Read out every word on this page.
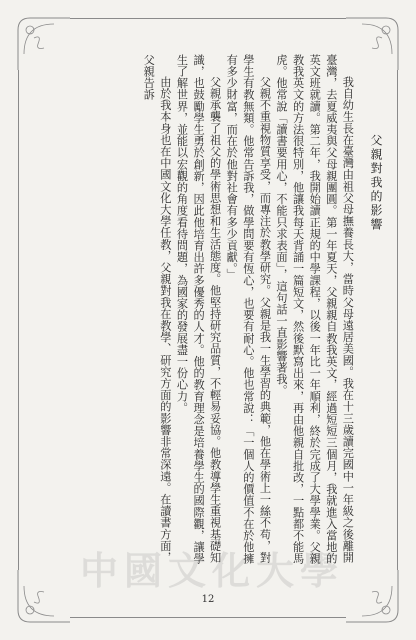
中國文化大學
父親對我的影響
我自幼生長在臺灣由祖父母撫養長大，當時父母遠居美國。我在十三歲讀完國中一年級之後離開臺灣，去夏威夷與父母親團圓。第一年夏天，父親親自教我英文，經過短短三個月，我就進入當地的英文班就讀。第二年，我開始讀正規的中學課程，以後一年比一年順利，終於完成了大學學業。父親教我英文的方法很特別，他讓我每天背誦一篇短文，然後默寫出來，再由他親自批改，一點都不能馬虎。他常說「讀書要用心，不能只求表面」，這句話一直影響著我。
父親不重視物質享受，而專注於教學研究。父親是我一生學習的典範，他在學術上一絲不苟，對學生有教無類。他常告訴我，做學問要有恆心，也要有耐心。他也常說：「一個人的價值不在於他擁有多少財富，而在於他對社會有多少貢獻。」
父親承襲了祖父的學術思想和生活態度。他堅持研究品質，不輕易妥協。他教導學生重視基礎知識，也鼓勵學生勇於創新，因此他培育出許多優秀的人才。他的教育理念是培養學生的國際觀，讓學生了解世界，並能以宏觀的角度看待問題，為國家的發展盡一份心力。
由於我本身也在中國文化大學任教，父親對我在教學、研究方面的影響非常深遠。在讀書方面，父親告訴
12
